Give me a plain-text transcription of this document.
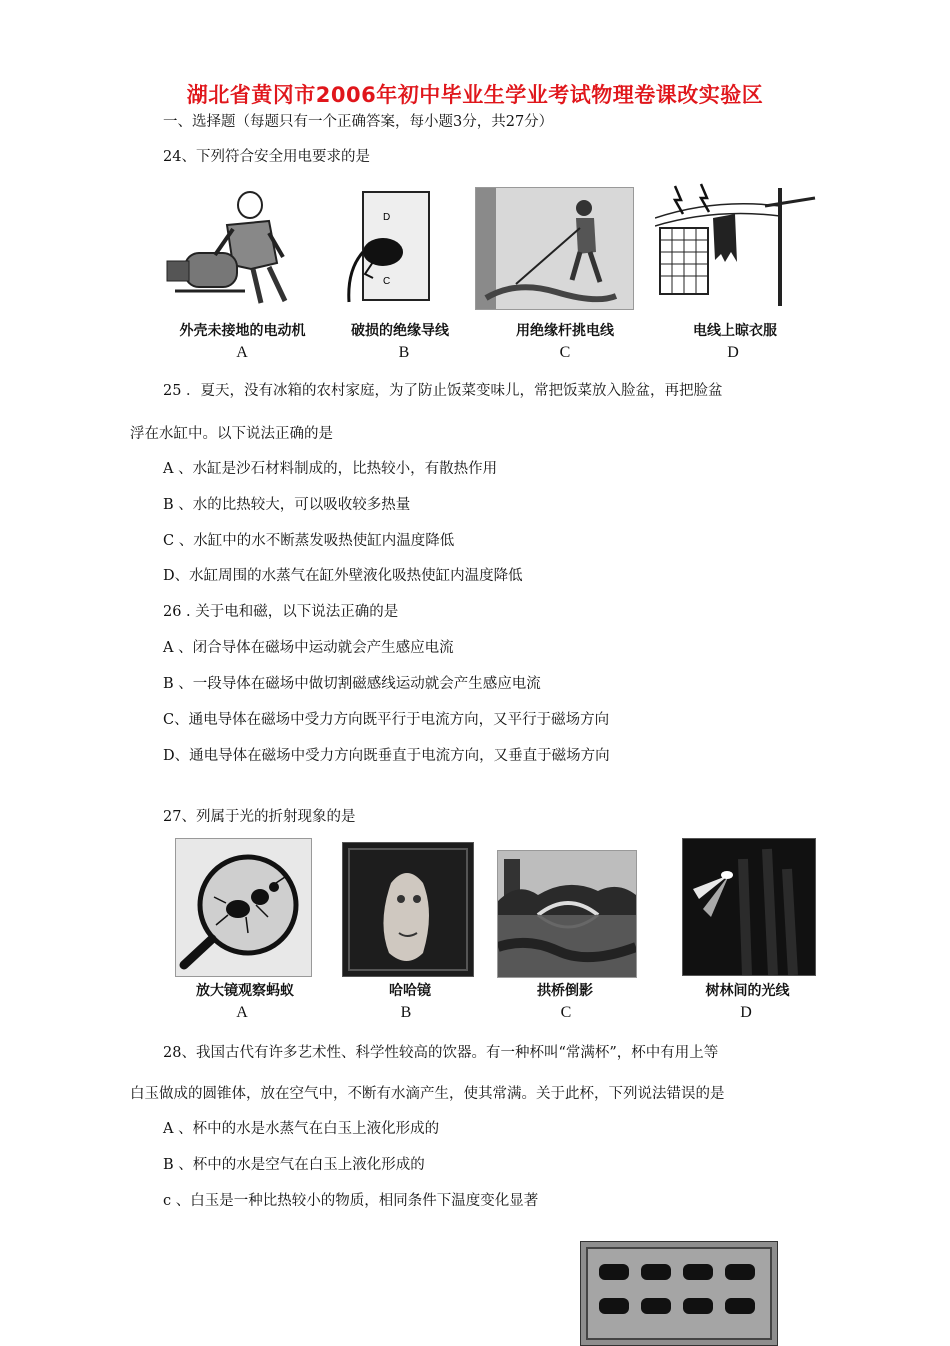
湖北省黄冈市2006年初中毕业生学业考试物理卷课改实验区
一、选择题（每题只有一个正确答案，每小题3分，共27分）
24、下列符合安全用电要求的是
D
C
外壳未接地的电动机	破损的绝缘导线	用绝缘杆挑电线	电线上晾衣服
A	B	C	D
25 ．夏天，没有冰箱的农村家庭，为了防止饭菜变味儿，常把饭菜放入脸盆，再把脸盆
浮在水缸中。以下说法正确的是
A 、水缸是沙石材料制成的，比热较小，有散热作用
B 、水的比热较大，可以吸收较多热量
C 、水缸中的水不断蒸发吸热使缸内温度降低
D、水缸周围的水蒸气在缸外壁液化吸热使缸内温度降低
26 . 关于电和磁，以下说法正确的是
A 、闭合导体在磁场中运动就会产生感应电流
B 、一段导体在磁场中做切割磁感线运动就会产生感应电流
C、通电导体在磁场中受力方向既平行于电流方向，又平行于磁场方向
D、通电导体在磁场中受力方向既垂直于电流方向，又垂直于磁场方向
27、列属于光的折射现象的是
放大镜观察蚂蚁	哈哈镜	拱桥倒影	树林间的光线
A	B	C	D
28、我国古代有许多艺术性、科学性较高的饮器。有一种杯叫“常满杯”，杯中有用上等
白玉做成的圆锥体，放在空气中，不断有水滴产生，使其常满。关于此杯，下列说法错误的是
A 、杯中的水是水蒸气在白玉上液化形成的
B 、杯中的水是空气在白玉上液化形成的
c 、白玉是一种比热较小的物质，相同条件下温度变化显著
